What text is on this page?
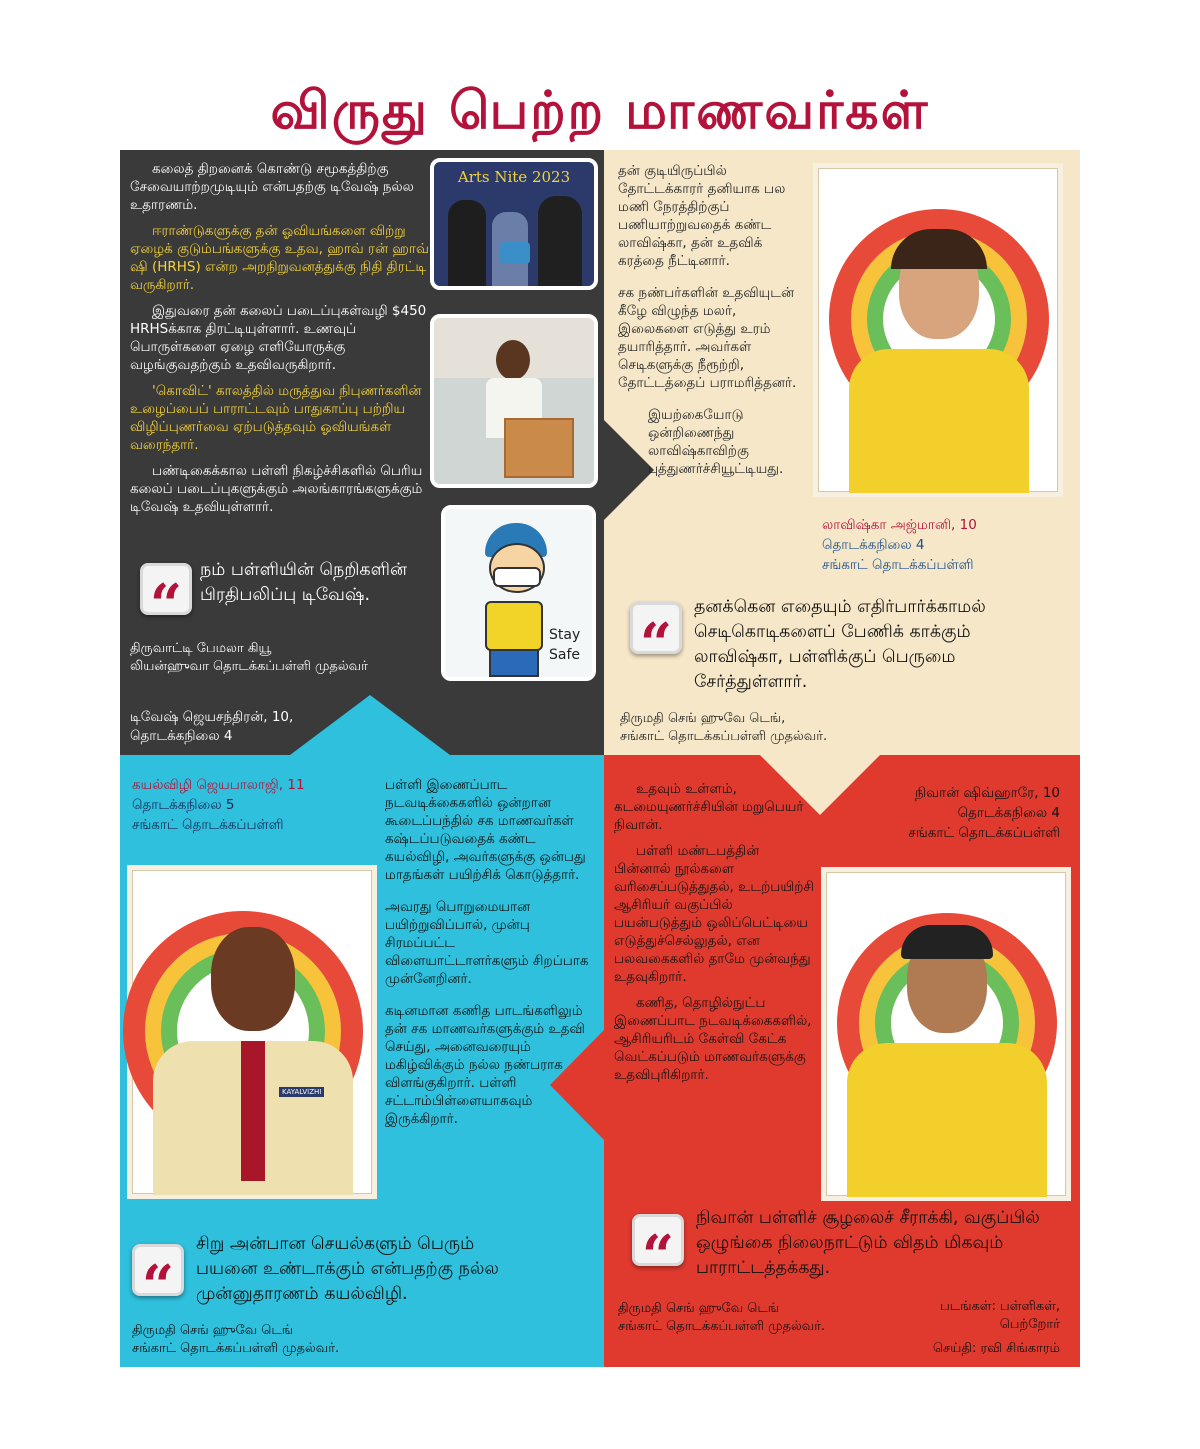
விருது பெற்ற மாணவர்கள்

கலைத் திறனைக் கொண்டு சமூகத்திற்கு சேவையாற்றமுடியும் என்பதற்கு டிவேஷ் நல்ல உதாரணம்.

ஈராண்டுகளுக்கு தன் ஓவியங்களை விற்று ஏழைக் குடும்பங்களுக்கு உதவ, ஹாவ் ரன் ஹாவ் ஷி (HRHS) என்ற அறநிறுவனத்துக்கு நிதி திரட்டி வருகிறார்.

இதுவரை தன் கலைப் படைப்புகள்வழி $450 HRHSக்காக திரட்டியுள்ளார். உணவுப் பொருள்களை ஏழை எளியோருக்கு வழங்குவதற்கும் உதவிவருகிறார்.

'கொவிட்' காலத்தில் மருத்துவ நிபுணர்களின் உழைப்பைப் பாராட்டவும் பாதுகாப்பு பற்றிய விழிப்புணர்வை ஏற்படுத்தவும் ஓவியங்கள் வரைந்தார்.

பண்டிகைக்கால பள்ளி நிகழ்ச்சிகளில் பெரிய கலைப் படைப்புகளுக்கும் அலங்காரங்களுக்கும் டிவேஷ் உதவியுள்ளார்.

Arts Nite 2023
Stay
Safe
“
நம் பள்ளியின் நெறிகளின் பிரதிபலிப்பு டிவேஷ்.
திருவாட்டி பேமலா கியூ
லியன்ஹுவா தொடக்கப்பள்ளி முதல்வர்
டிவேஷ் ஜெயசந்திரன், 10,
தொடக்கநிலை 4

தன் குடியிருப்பில் தோட்டக்காரர் தனியாக பல மணி நேரத்திற்குப் பணியாற்றுவதைக் கண்ட லாவிஷ்கா, தன் உதவிக் கரத்தை நீட்டினார்.

சக நண்பர்களின் உதவியுடன் கீழே விழுந்த மலர், இலைகளை எடுத்து உரம் தயாரித்தார். அவர்கள் செடிகளுக்கு நீரூற்றி, தோட்டத்தைப் பராமரித்தனர்.

இயற்கையோடு ஒன்றிணைந்து லாவிஷ்காவிற்கு புத்துணர்ச்சியூட்டியது.

லாவிஷ்கா அஜ்மானி, 10
தொடக்கநிலை 4
சங்காட் தொடக்கப்பள்ளி
“
தனக்கென எதையும் எதிர்பார்க்காமல் செடிகொடிகளைப் பேணிக் காக்கும் லாவிஷ்கா, பள்ளிக்குப் பெருமை சேர்த்துள்ளார்.
திருமதி செங் ஹுவே டெங்,
சங்காட் தொடக்கப்பள்ளி முதல்வர்.
கயல்விழி ஜெயபாலாஜி, 11
தொடக்கநிலை 5
சங்காட் தொடக்கப்பள்ளி

பள்ளி இணைப்பாட நடவடிக்கைகளில் ஒன்றான கூடைப்பந்தில் சக மாணவர்கள் கஷ்டப்படுவதைக் கண்ட கயல்விழி, அவர்களுக்கு ஒன்பது மாதங்கள் பயிற்சிக் கொடுத்தார்.

அவரது பொறுமையான பயிற்றுவிப்பால், முன்பு சிரமப்பட்ட விளையாட்டாளர்களும் சிறப்பாக முன்னேறினர்.

கடினமான கணித பாடங்களிலும் தன் சக மாணவர்களுக்கும் உதவி செய்து, அனைவரையும் மகிழ்விக்கும் நல்ல நண்பராக விளங்குகிறார். பள்ளி சட்டாம்பிள்ளையாகவும் இருக்கிறார்.

KAYALVIZHI
“
சிறு அன்பான செயல்களும் பெரும் பயனை உண்டாக்கும் என்பதற்கு நல்ல முன்னுதாரணம் கயல்விழி.
திருமதி செங் ஹுவே டெங்
சங்காட் தொடக்கப்பள்ளி முதல்வர்.

உதவும் உள்ளம், கடமையுணர்ச்சியின் மறுபெயர் நிவான்.

பள்ளி மண்டபத்தின் பின்னால் நூல்களை வரிசைப்படுத்துதல், உடற்பயிற்சி ஆசிரியர் வகுப்பில் பயன்படுத்தும் ஒலிப்பெட்டியை எடுத்துச்செல்லுதல், என பலவகைகளில் தாமே முன்வந்து உதவுகிறார்.

கணித, தொழில்நுட்ப இணைப்பாட நடவடிக்கைகளில், ஆசிரியரிடம் கேள்வி கேட்க வெட்கப்படும் மாணவர்களுக்கு உதவிபுரிகிறார்.

நிவான் ஷிவ்ஹாரே, 10
தொடக்கநிலை 4
சங்காட் தொடக்கப்பள்ளி
“
நிவான் பள்ளிச் சூழலைச் சீராக்கி, வகுப்பில் ஒழுங்கை நிலைநாட்டும் விதம் மிகவும் பாராட்டத்தக்கது.
திருமதி செங் ஹுவே டெங்
சங்காட் தொடக்கப்பள்ளி முதல்வர்.
படங்கள்: பள்ளிகள்,
பெற்றோர்
செய்தி: ரவி சிங்காரம்
